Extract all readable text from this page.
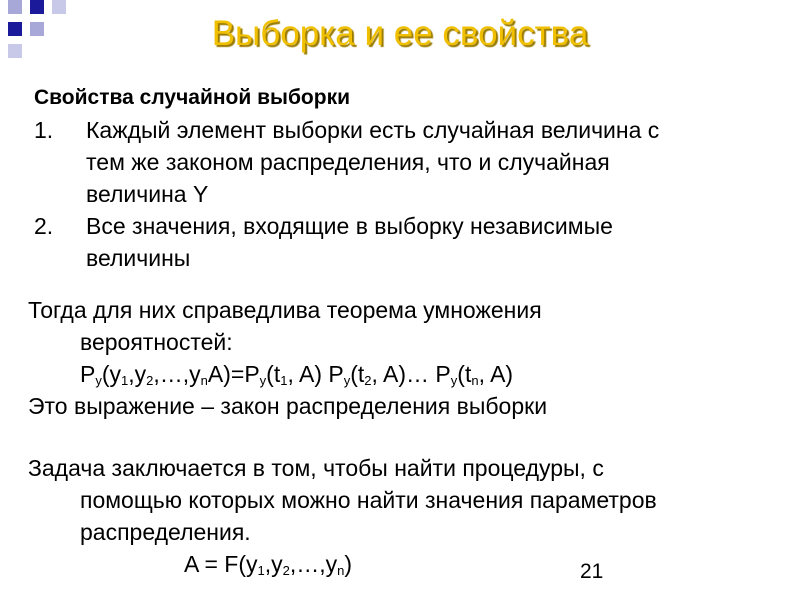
Выборка и ее свойства
Свойства случайной выборки
1. Каждый элемент выборки есть случайная величина с
тем же законом распределения, что и случайная
величина Y
2. Все значения, входящие в выборку независимые
величины
Тогда для них справедлива теорема умножения
вероятностей:
$P_y(y_1,y_2,\dots,y_nA)=P_y(t_1$, A) $P_y(t_2$, A)… $P_y(t_n$, A)
Это выражение – закон распределения выборки
Задача заключается в том, чтобы найти процедуры, с
помощью которых можно найти значения параметров
распределения.
$A = F(y_1,y_2,\dots,y_n)$	21
